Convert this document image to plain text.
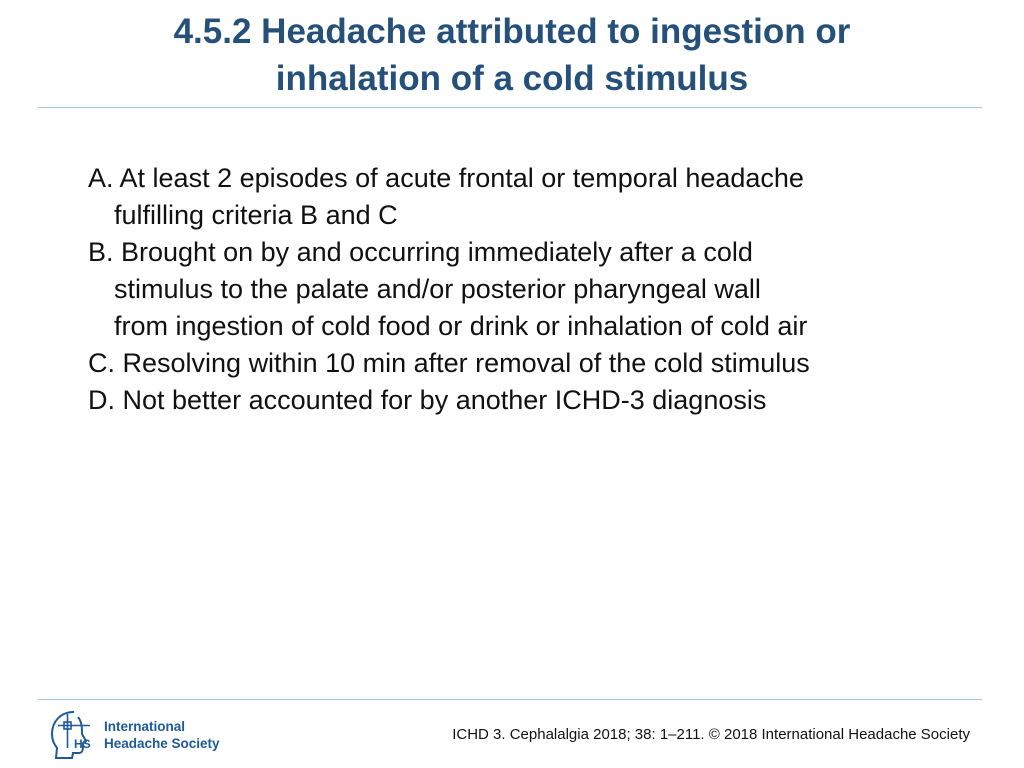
4.5.2 Headache attributed to ingestion or
inhalation of a cold stimulus
A. At least 2 episodes of acute frontal or temporal headache
fulfilling criteria B and C
B. Brought on by and occurring immediately after a cold
stimulus to the palate and/or posterior pharyngeal wall
from ingestion of cold food or drink or inhalation of cold air
C. Resolving within 10 min after removal of the cold stimulus
D. Not better accounted for by another ICHD-3 diagnosis
HS
International
Headache Society
ICHD 3. Cephalalgia 2018; 38: 1–211. © 2018 International Headache Society
